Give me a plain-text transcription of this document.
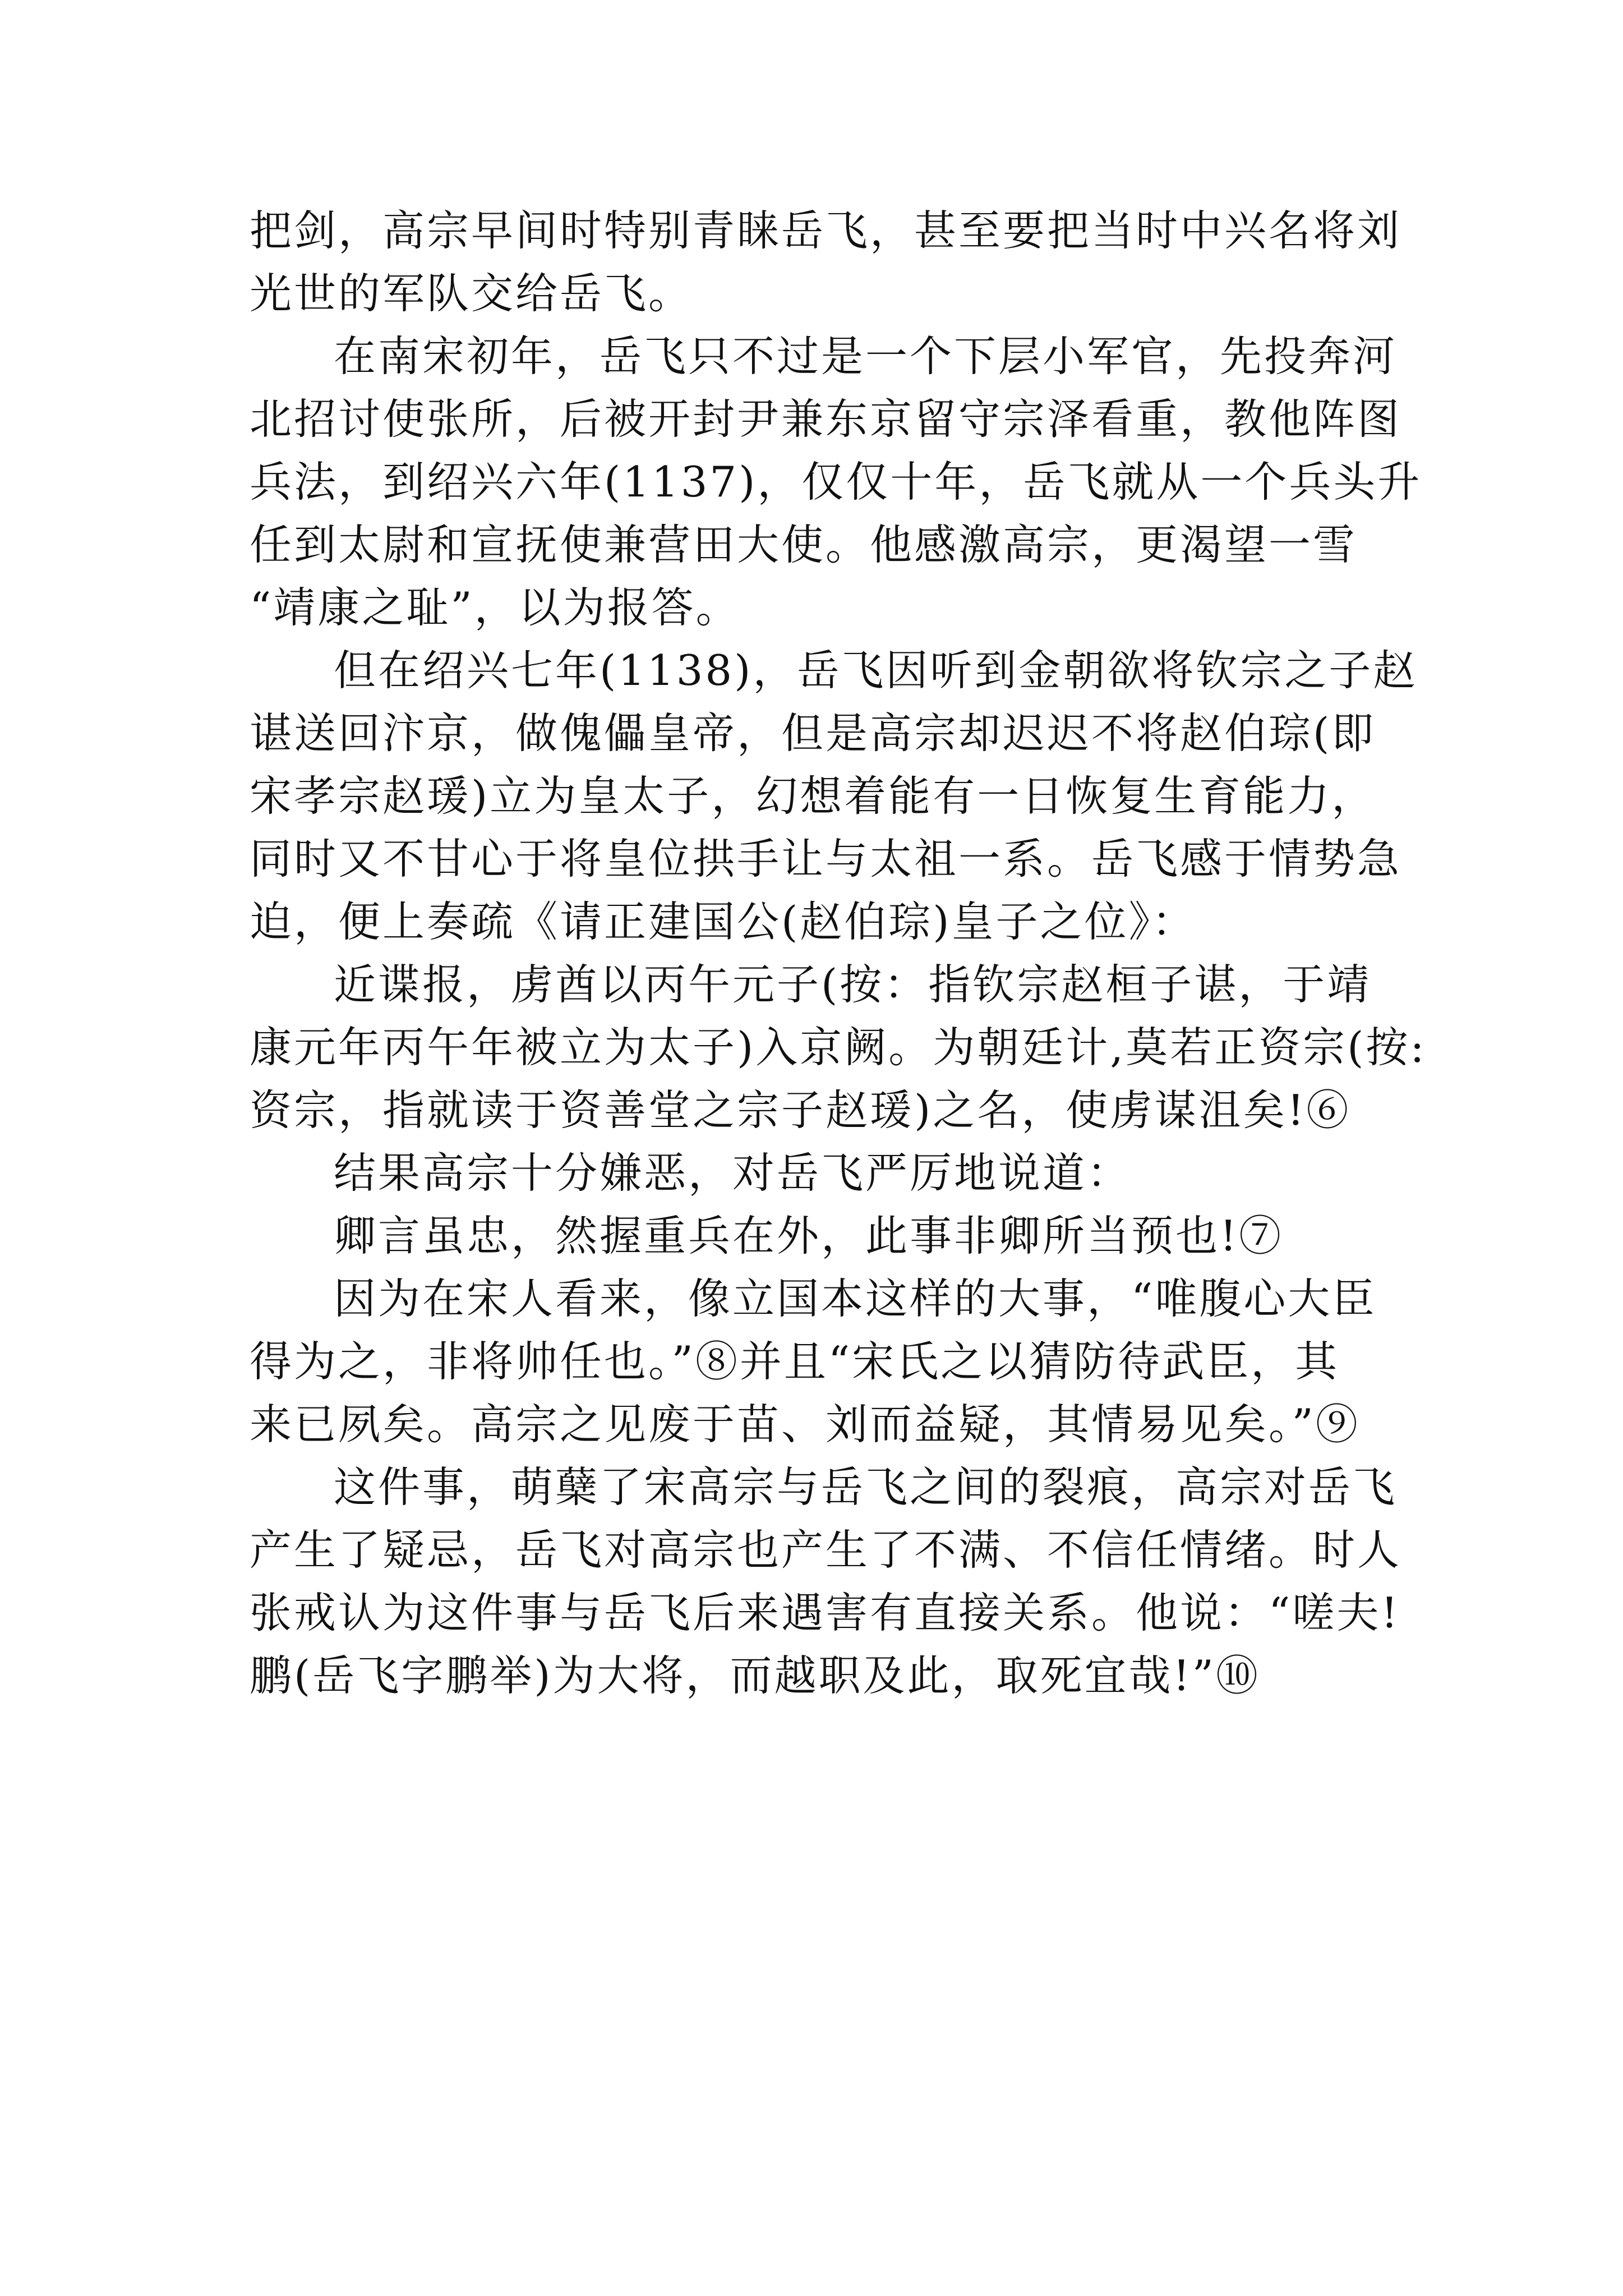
把剑，高宗早间时特别青睐岳飞，甚至要把当时中兴名将刘
光世的军队交给岳飞。
在南宋初年，岳飞只不过是一个下层小军官，先投奔河
北招讨使张所，后被开封尹兼东京留守宗泽看重，教他阵图
兵法，到绍兴六年(1137)，仅仅十年，岳飞就从一个兵头升
任到太尉和宣抚使兼营田大使。他感激高宗，更渴望一雪
“靖康之耻”，以为报答。
但在绍兴七年(1138)，岳飞因听到金朝欲将钦宗之子赵
谌送回汴京，做傀儡皇帝，但是高宗却迟迟不将赵伯琮(即
宋孝宗赵瑗)立为皇太子，幻想着能有一日恢复生育能力，
同时又不甘心于将皇位拱手让与太祖一系。岳飞感于情势急
迫，便上奏疏《请正建国公(赵伯琮)皇子之位》：
近谍报，虏酋以丙午元子(按：指钦宗赵桓子谌，于靖
康元年丙午年被立为太子)入京阙。为朝廷计,莫若正资宗(按:
资宗，指就读于资善堂之宗子赵瑗)之名，使虏谋沮矣!⑥
结果高宗十分嫌恶，对岳飞严厉地说道：
卿言虽忠，然握重兵在外，此事非卿所当预也!⑦
因为在宋人看来，像立国本这样的大事，“唯腹心大臣
得为之，非将帅任也。”⑧并且“宋氏之以猜防待武臣，其
来已夙矣。高宗之见废于苗、刘而益疑，其情易见矣。”⑨
这件事，萌蘖了宋高宗与岳飞之间的裂痕，高宗对岳飞
产生了疑忌，岳飞对高宗也产生了不满、不信任情绪。时人
张戒认为这件事与岳飞后来遇害有直接关系。他说：“嗟夫!
鹏(岳飞字鹏举)为大将，而越职及此，取死宜哉!”⑩
